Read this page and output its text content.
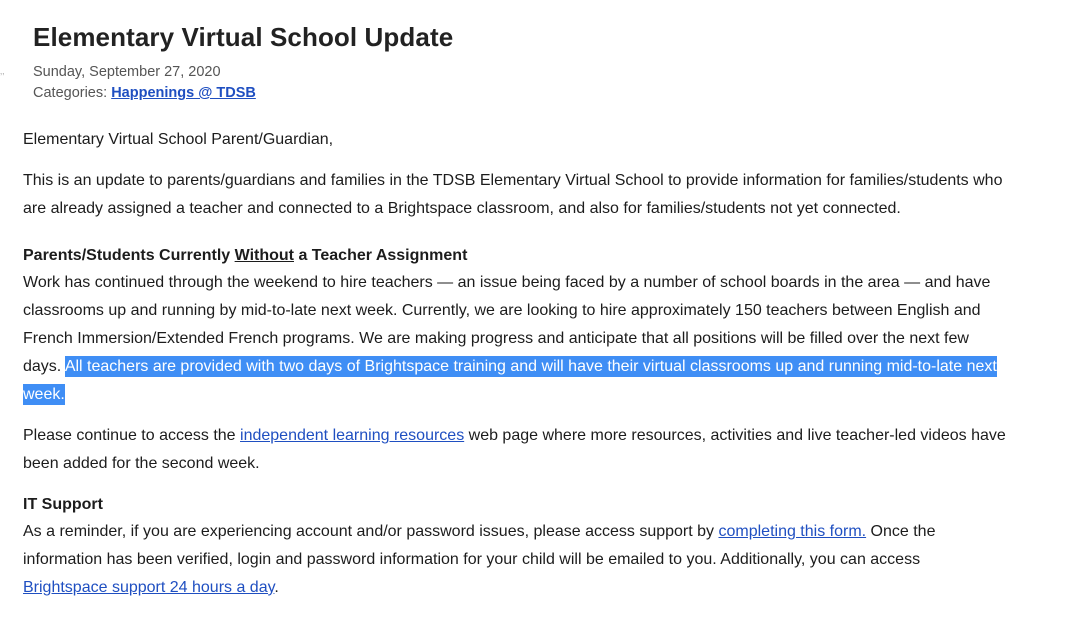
‚‚
Elementary Virtual School Update
Sunday, September 27, 2020
Categories: Happenings @ TDSB

Elementary Virtual School Parent/Guardian,

This is an update to parents/guardians and families in the TDSB Elementary Virtual School to provide information for families/students who are already assigned a teacher and connected to a Brightspace classroom, and also for families/students not yet connected.

Parents/Students Currently Without a Teacher Assignment

Work has continued through the weekend to hire teachers — an issue being faced by a number of school boards in the area — and have classrooms up and running by mid-to-late next week. Currently, we are looking to hire approximately 150 teachers between English and French Immersion/Extended French programs. We are making progress and anticipate that all positions will be filled over the next few days. All teachers are provided with two days of Brightspace training and will have their virtual classrooms up and running mid-to-late next week.

Please continue to access the independent learning resources web page where more resources, activities and live teacher-led videos have been added for the second week.

IT Support

As a reminder, if you are experiencing account and/or password issues, please access support by completing this form. Once the information has been verified, login and password information for your child will be emailed to you. Additionally, you can access Brightspace support 24 hours a day.
